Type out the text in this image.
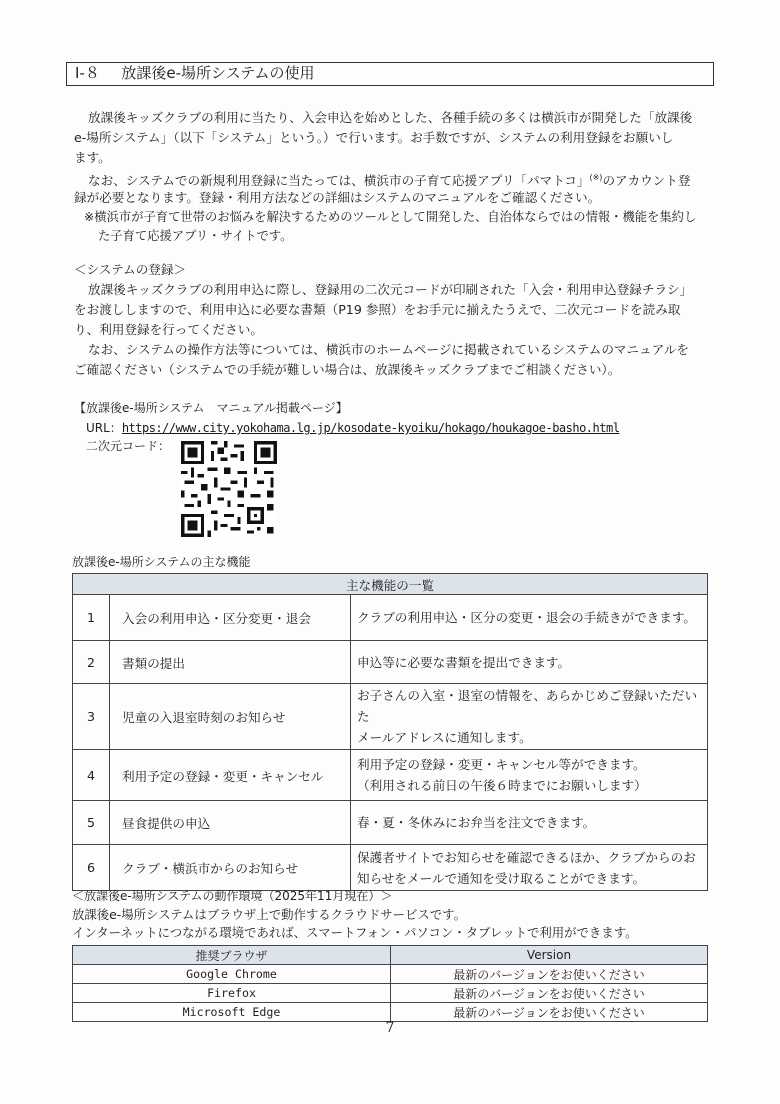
Ⅰ-８ 放課後e-場所システムの使用
放課後キッズクラブの利用に当たり、入会申込を始めとした、各種手続の多くは横浜市が開発した「放課後
e-場所システム」（以下「システム」という。）で行います。お手数ですが、システムの利用登録をお願いし
ます。
なお、システムでの新規利用登録に当たっては、横浜市の子育て応援アプリ「パマトコ」(※)のアカウント登
録が必要となります。登録・利用方法などの詳細はシステムのマニュアルをご確認ください。
※横浜市が子育て世帯のお悩みを解決するためのツールとして開発した、自治体ならではの情報・機能を集約し
た子育て応援アプリ・サイトです。
＜システムの登録＞
放課後キッズクラブの利用申込に際し、登録用の二次元コードが印刷された「入会・利用申込登録チラシ」
をお渡ししますので、利用申込に必要な書類（P19 参照）をお手元に揃えたうえで、二次元コードを読み取
り、利用登録を行ってください。
なお、システムの操作方法等については、横浜市のホームページに掲載されているシステムのマニュアルを
ご確認ください（システムでの手続が難しい場合は、放課後キッズクラブまでご相談ください）。
【放課後e-場所システム　マニュアル掲載ページ】
URL：https://www.city.yokohama.lg.jp/kosodate-kyoiku/hokago/houkagoe-basho.html
二次元コード：
放課後e-場所システムの主な機能
主な機能の一覧		
1	入会の利用申込・区分変更・退会	クラブの利用申込・区分の変更・退会の手続きができます。
2	書類の提出	申込等に必要な書類を提出できます。
3	児童の入退室時刻のお知らせ	お子さんの入室・退室の情報を、あらかじめご登録いただいた
メールアドレスに通知します。

4	利用予定の登録・変更・キャンセル	利用予定の登録・変更・キャンセル等ができます。
（利用される前日の午後６時までにお願いします）

5	昼食提供の申込	春・夏・冬休みにお弁当を注文できます。
6	クラブ・横浜市からのお知らせ	保護者サイトでお知らせを確認できるほか、クラブからのお
知らせをメールで通知を受け取ることができます。
＜放課後e-場所システムの動作環境（2025年11月現在）＞
放課後e-場所システムはブラウザ上で動作するクラウドサービスです。
インターネットにつながる環境であれば、スマートフォン・パソコン・タブレットで利用ができます。
推奨ブラウザ	Version
Google Chrome	最新のバージョンをお使いください
Firefox	最新のバージョンをお使いください
Microsoft Edge	最新のバージョンをお使いください
7
